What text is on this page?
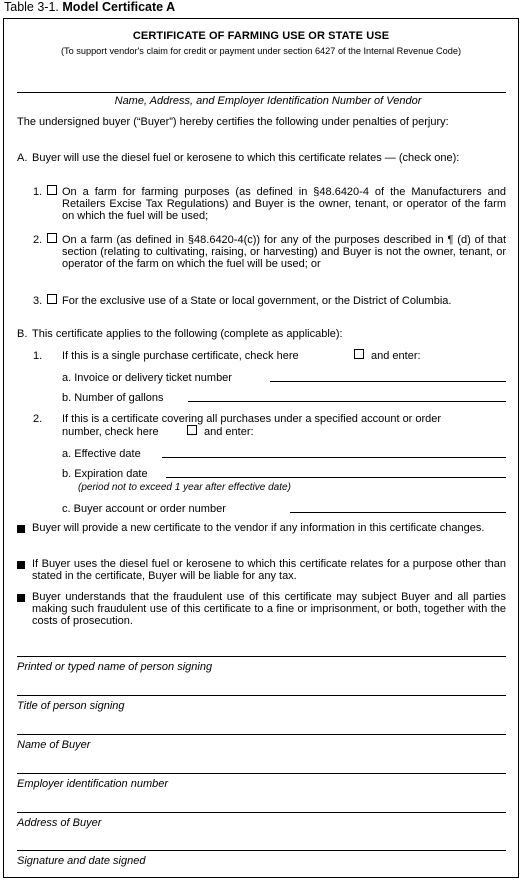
Table 3-1. Model Certificate A
CERTIFICATE OF FARMING USE OR STATE USE
(To support vendor's claim for credit or payment under section 6427 of the Internal Revenue Code)
Name, Address, and Employer Identification Number of Vendor
The undersigned buyer (“Buyer”) hereby certifies the following under penalties of perjury:
A. Buyer will use the diesel fuel or kerosene to which this certificate relates — (check one):
1. On a farm for farming purposes (as defined in §48.6420-4 of the Manufacturers and Retailers Excise Tax Regulations) and Buyer is the owner, tenant, or operator of the farm on which the fuel will be used;
2. On a farm (as defined in §48.6420-4(c)) for any of the purposes described in ¶ (d) of that section (relating to cultivating, raising, or harvesting) and Buyer is not the owner, tenant, or operator of the farm on which the fuel will be used; or
3. For the exclusive use of a State or local government, or the District of Columbia.
B. This certificate applies to the following (complete as applicable):
1. If this is a single purchase certificate, check here	and enter:
a. Invoice or delivery ticket number
b. Number of gallons
2. If this is a certificate covering all purchases under a specified account or order
number, check here	and enter:
a. Effective date
b. Expiration date
(period not to exceed 1 year after effective date)
c. Buyer account or order number
Buyer will provide a new certificate to the vendor if any information in this certificate changes.
If Buyer uses the diesel fuel or kerosene to which this certificate relates for a purpose other than stated in the certificate, Buyer will be liable for any tax.
Buyer understands that the fraudulent use of this certificate may subject Buyer and all parties making such fraudulent use of this certificate to a fine or imprisonment, or both, together with the costs of prosecution.
Printed or typed name of person signing
Title of person signing
Name of Buyer
Employer identification number
Address of Buyer
Signature and date signed
